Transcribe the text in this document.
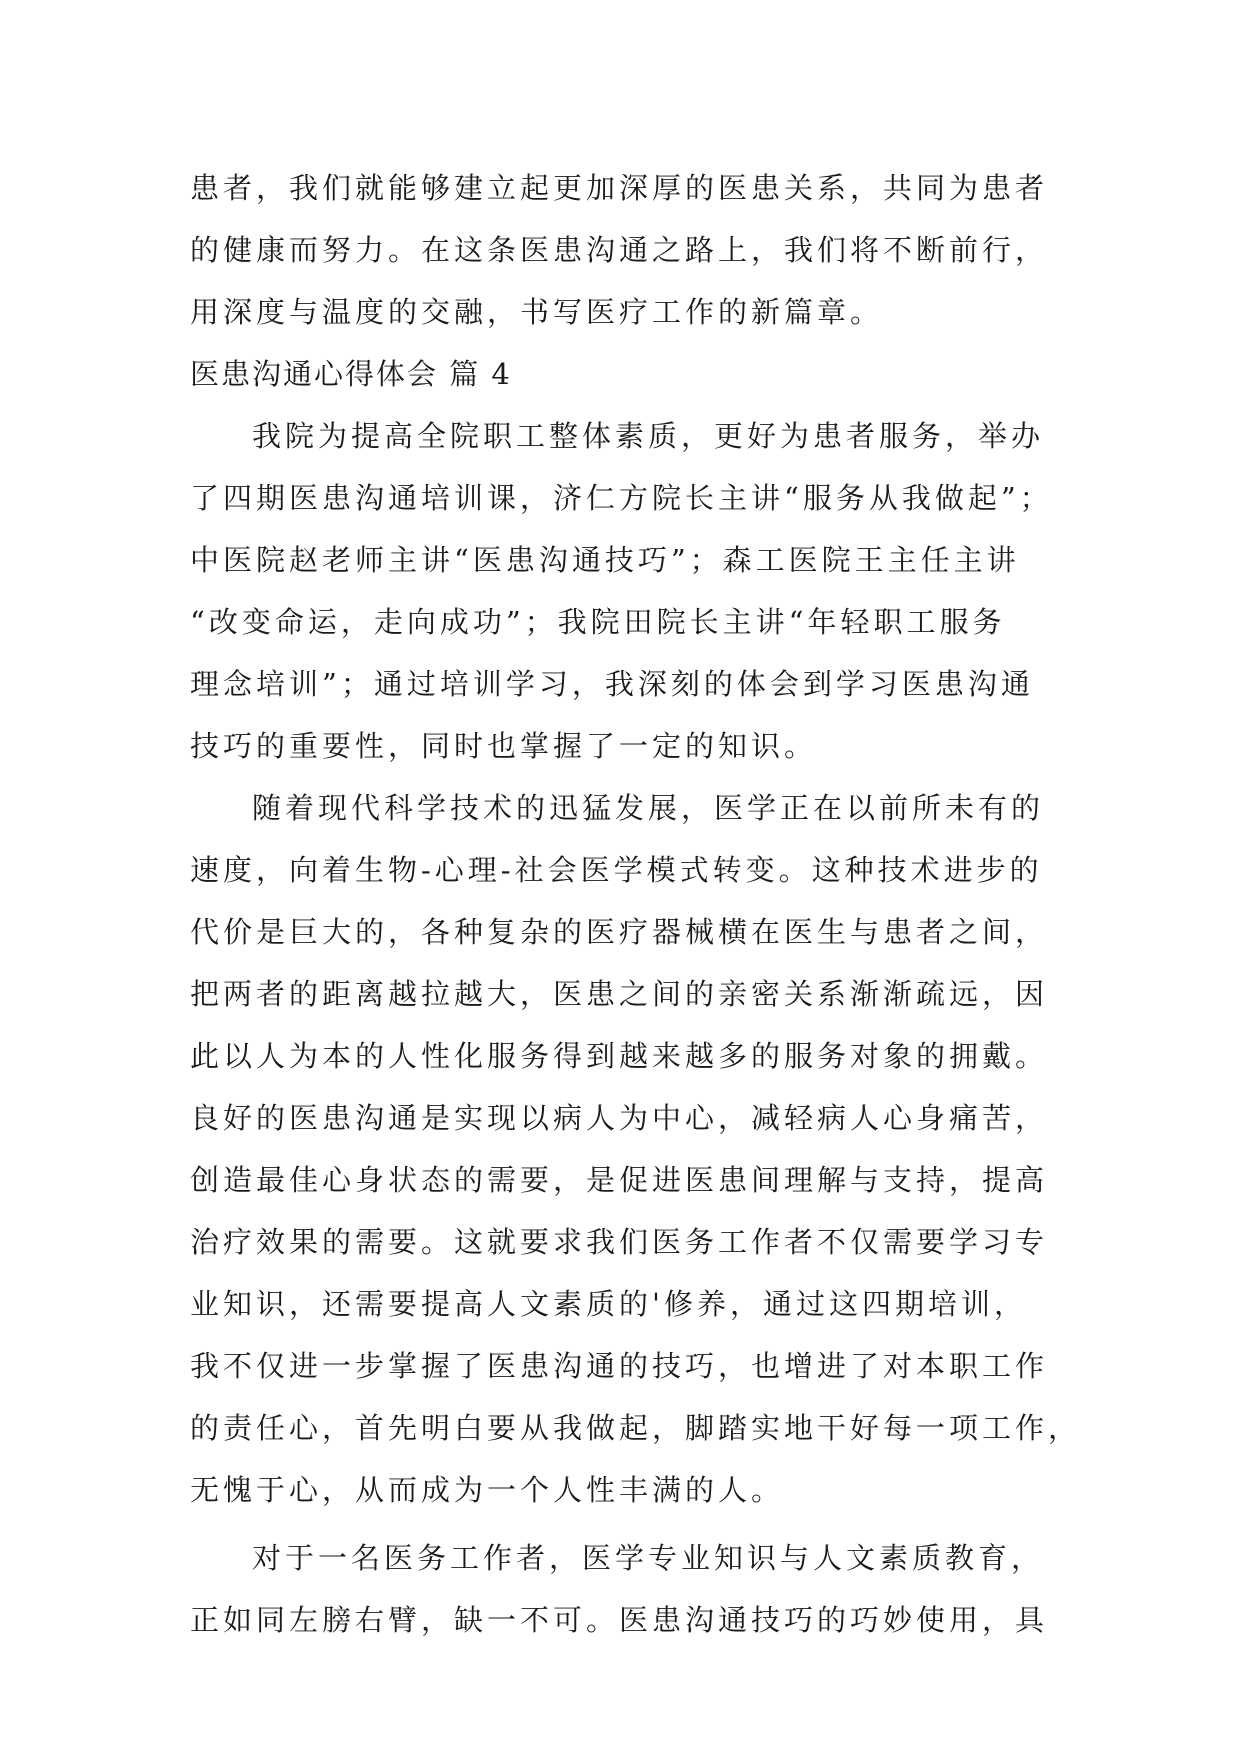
患者，我们就能够建立起更加深厚的医患关系，共同为患者
的健康而努力。在这条医患沟通之路上，我们将不断前行，
用深度与温度的交融，书写医疗工作的新篇章。
医患沟通心得体会 篇 4
我院为提高全院职工整体素质，更好为患者服务，举办
了四期医患沟通培训课，济仁方院长主讲“服务从我做起”；
中医院赵老师主讲“医患沟通技巧”；森工医院王主任主讲
“改变命运，走向成功”；我院田院长主讲“年轻职工服务
理念培训”；通过培训学习，我深刻的体会到学习医患沟通
技巧的重要性，同时也掌握了一定的知识。
随着现代科学技术的迅猛发展，医学正在以前所未有的
速度，向着生物-心理-社会医学模式转变。这种技术进步的
代价是巨大的，各种复杂的医疗器械横在医生与患者之间，
把两者的距离越拉越大，医患之间的亲密关系渐渐疏远，因
此以人为本的人性化服务得到越来越多的服务对象的拥戴。
良好的医患沟通是实现以病人为中心，减轻病人心身痛苦，
创造最佳心身状态的需要，是促进医患间理解与支持，提高
治疗效果的需要。这就要求我们医务工作者不仅需要学习专
业知识，还需要提高人文素质的'修养，通过这四期培训，
我不仅进一步掌握了医患沟通的技巧，也增进了对本职工作
的责任心，首先明白要从我做起，脚踏实地干好每一项工作，
无愧于心，从而成为一个人性丰满的人。
对于一名医务工作者，医学专业知识与人文素质教育，
正如同左膀右臂，缺一不可。医患沟通技巧的巧妙使用，具
